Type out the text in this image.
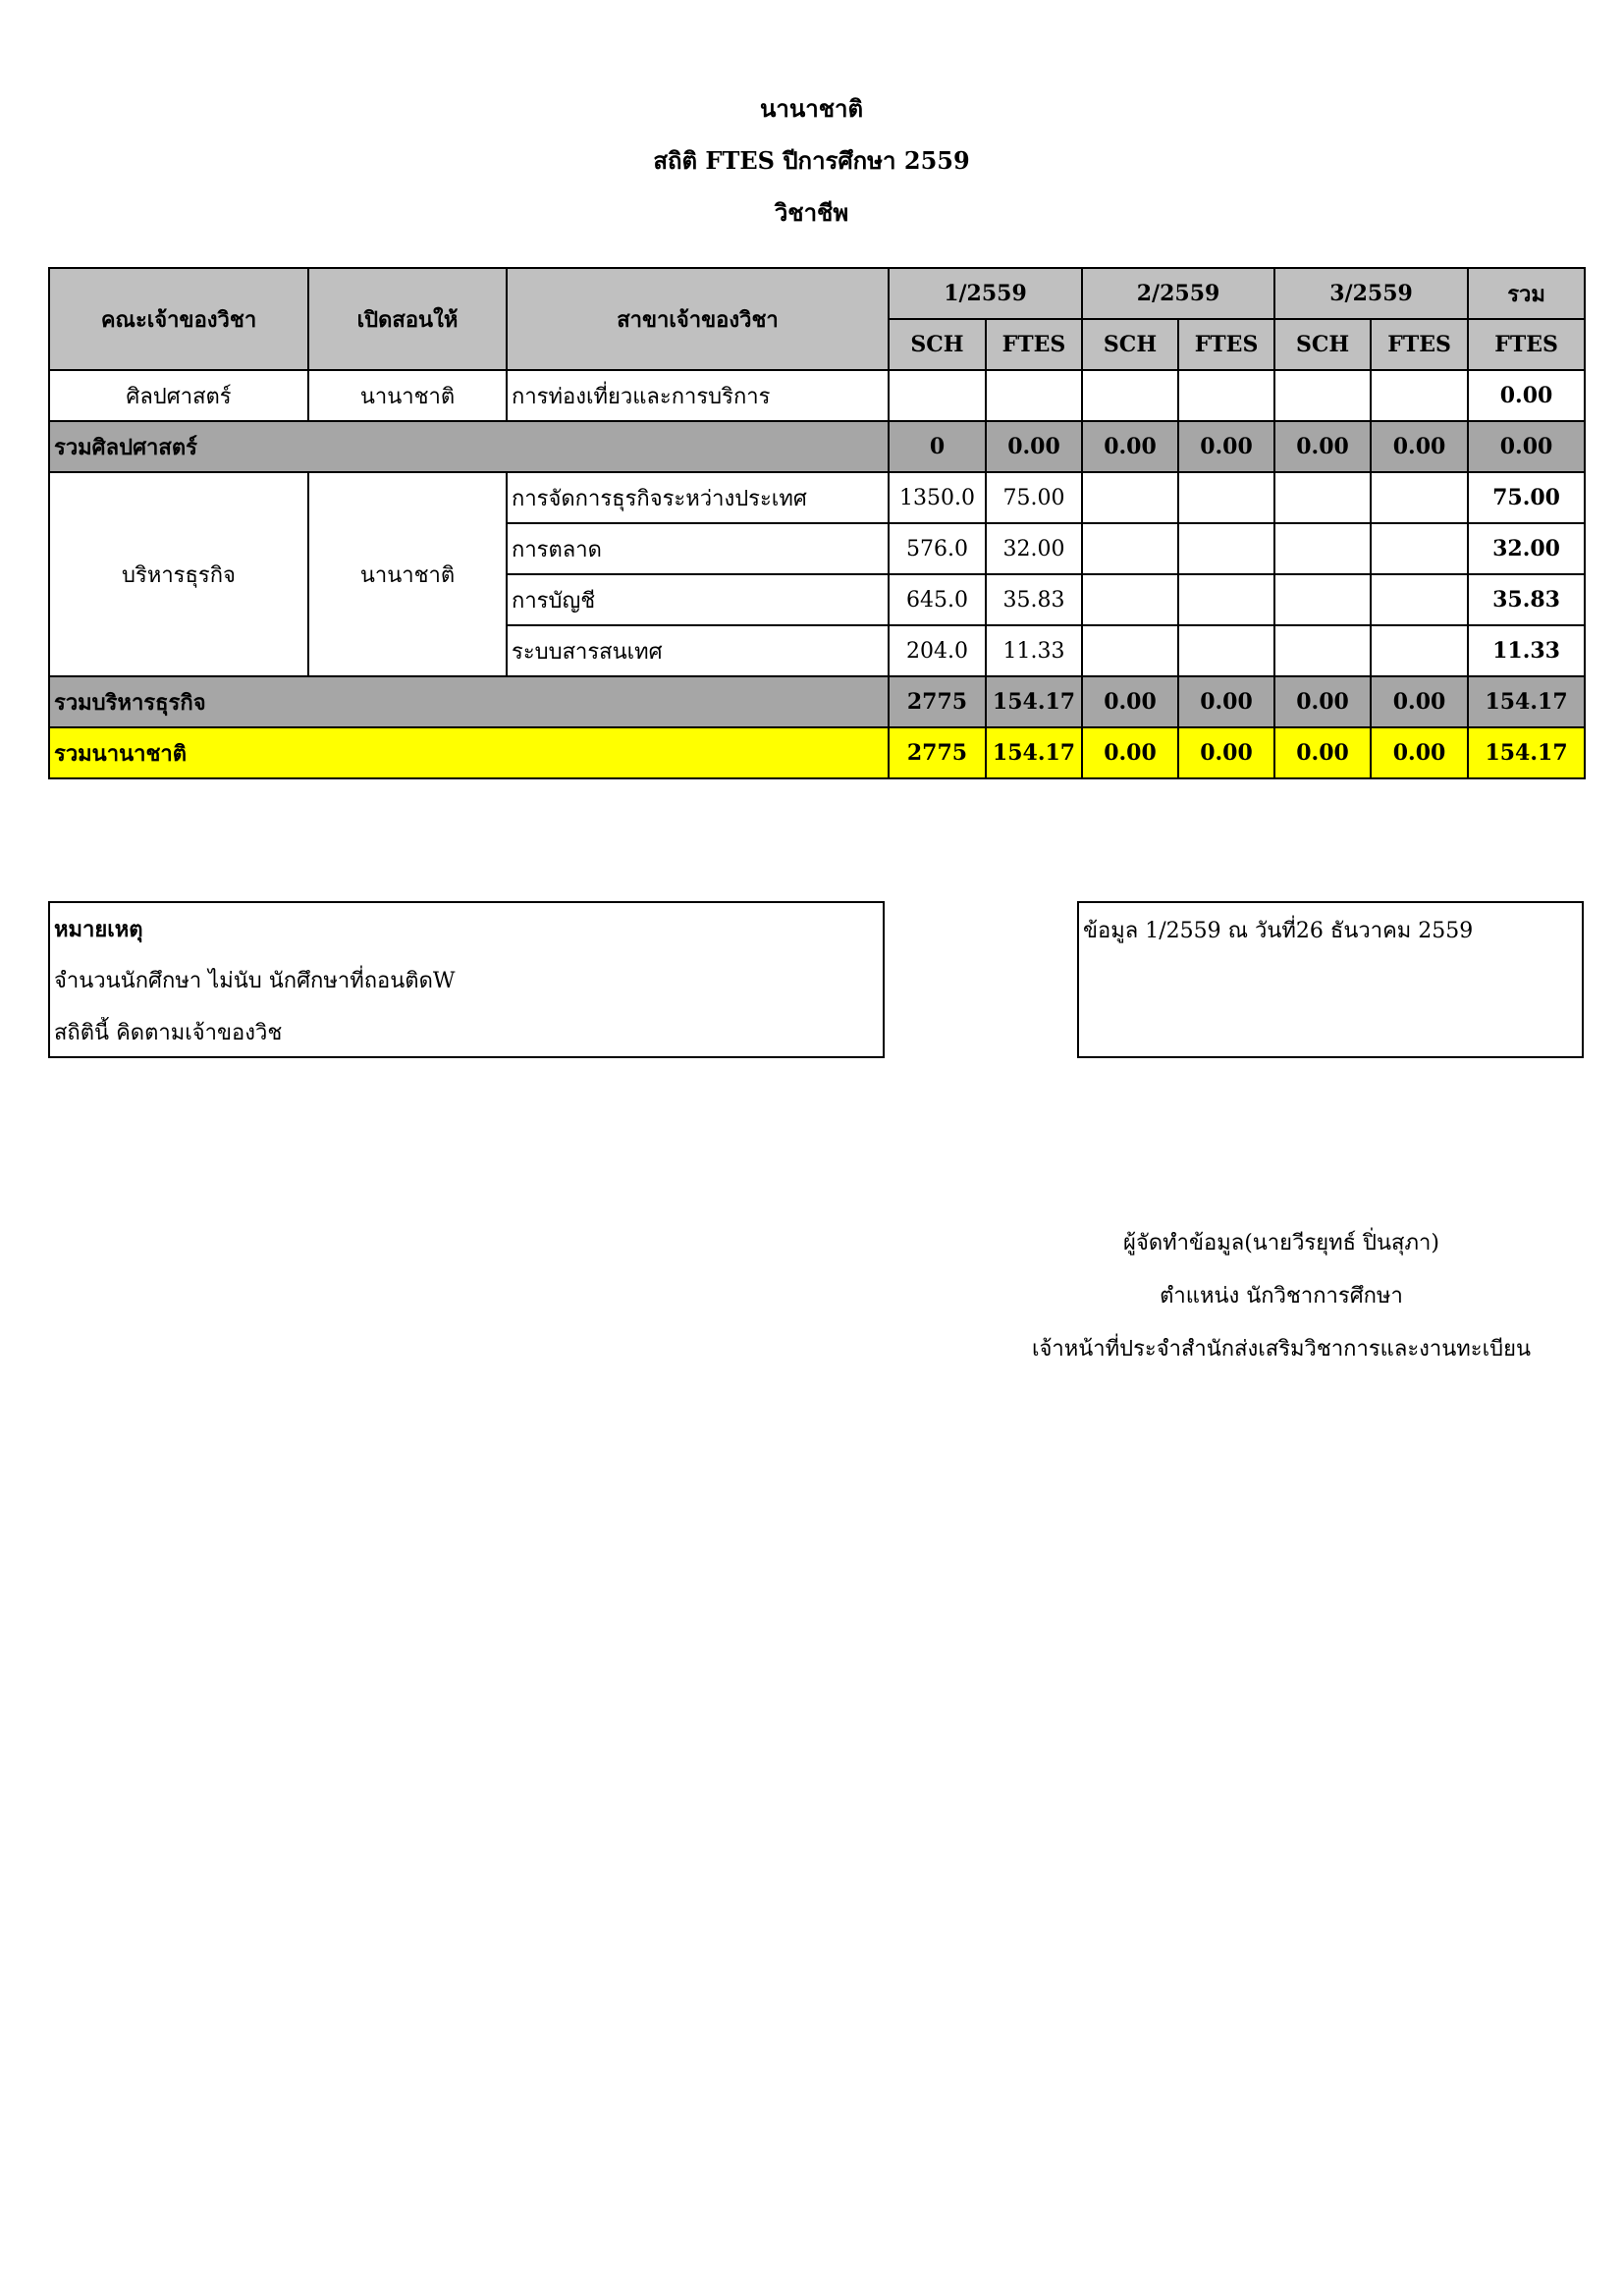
นานาชาติ
สถิติ FTES ปีการศึกษา 2559
วิชาชีพ
คณะเจ้าของวิชา	เปิดสอนให้	สาขาเจ้าของวิชา	1/2559		2/2559		3/2559		รวม
			SCH	FTES	SCH	FTES	SCH	FTES	FTES
ศิลปศาสตร์	นานาชาติ	การท่องเที่ยวและการบริการ							0.00
รวมศิลปศาสตร์			0	0.00	0.00	0.00	0.00	0.00	0.00
บริหารธุรกิจ	นานาชาติ	การจัดการธุรกิจระหว่างประเทศ	1350.0	75.00					75.00
		การตลาด	576.0	32.00					32.00
		การบัญชี	645.0	35.83					35.83
		ระบบสารสนเทศ	204.0	11.33					11.33
รวมบริหารธุรกิจ			2775	154.17	0.00	0.00	0.00	0.00	154.17
รวมนานาชาติ			2775	154.17	0.00	0.00	0.00	0.00	154.17
หมายเหตุ
จำนวนนักศึกษา ไม่นับ นักศึกษาที่ถอนติดW
สถิตินี้ คิดตามเจ้าของวิช
ข้อมูล 1/2559 ณ วันที่26 ธันวาคม 2559
ผู้จัดทำข้อมูล(นายวีรยุทธ์ ปิ่นสุภา)
ตำแหน่ง นักวิชาการศึกษา
เจ้าหน้าที่ประจำสำนักส่งเสริมวิชาการและงานทะเบียน
